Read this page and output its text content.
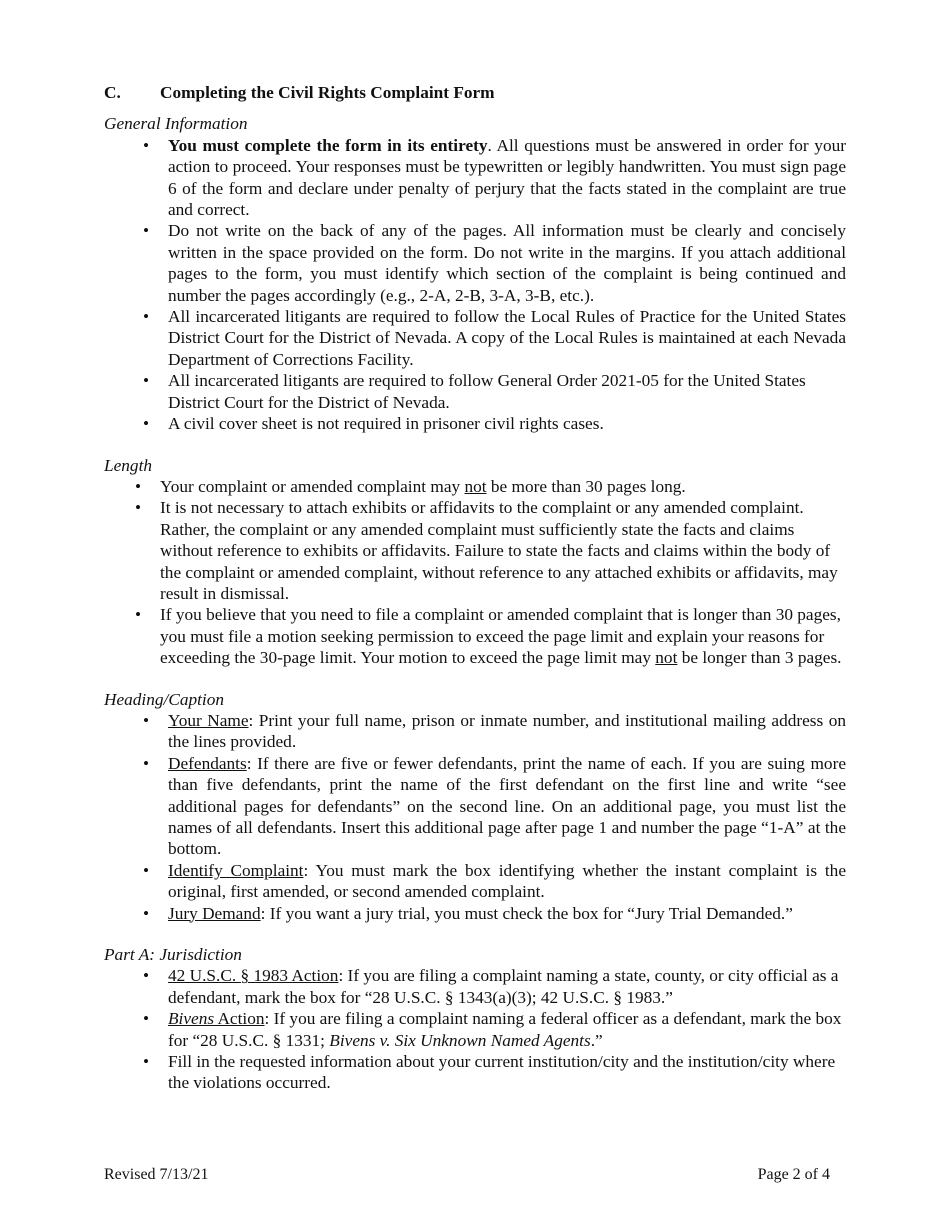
C. Completing the Civil Rights Complaint Form

General Information

• You must complete the form in its entirety. All questions must be answered in order for your action to proceed. Your responses must be typewritten or legibly handwritten. You must sign page 6 of the form and declare under penalty of perjury that the facts stated in the complaint are true and correct.
• Do not write on the back of any of the pages. All information must be clearly and concisely written in the space provided on the form. Do not write in the margins. If you attach additional pages to the form, you must identify which section of the complaint is being continued and number the pages accordingly (e.g., 2-A, 2-B, 3-A, 3-B, etc.).
• All incarcerated litigants are required to follow the Local Rules of Practice for the United States District Court for the District of Nevada. A copy of the Local Rules is maintained at each Nevada Department of Corrections Facility.
• All incarcerated litigants are required to follow General Order 2021-05 for the United States District Court for the District of Nevada.
• A civil cover sheet is not required in prisoner civil rights cases.

Length

• Your complaint or amended complaint may not be more than 30 pages long.
• It is not necessary to attach exhibits or affidavits to the complaint or any amended complaint. Rather, the complaint or any amended complaint must sufficiently state the facts and claims without reference to exhibits or affidavits. Failure to state the facts and claims within the body of the complaint or amended complaint, without reference to any attached exhibits or affidavits, may result in dismissal.
• If you believe that you need to file a complaint or amended complaint that is longer than 30 pages, you must file a motion seeking permission to exceed the page limit and explain your reasons for exceeding the 30-page limit. Your motion to exceed the page limit may not be longer than 3 pages.

Heading/Caption

• Your Name: Print your full name, prison or inmate number, and institutional mailing address on the lines provided.
• Defendants: If there are five or fewer defendants, print the name of each. If you are suing more than five defendants, print the name of the first defendant on the first line and write “see additional pages for defendants” on the second line. On an additional page, you must list the names of all defendants. Insert this additional page after page 1 and number the page “1-A” at the bottom.
• Identify Complaint: You must mark the box identifying whether the instant complaint is the original, first amended, or second amended complaint.
• Jury Demand: If you want a jury trial, you must check the box for “Jury Trial Demanded.”

Part A: Jurisdiction

• 42 U.S.C. § 1983 Action: If you are filing a complaint naming a state, county, or city official as a defendant, mark the box for “28 U.S.C. § 1343(a)(3); 42 U.S.C. § 1983.”
• Bivens Action: If you are filing a complaint naming a federal officer as a defendant, mark the box for “28 U.S.C. § 1331; Bivens v. Six Unknown Named Agents.”
• Fill in the requested information about your current institution/city and the institution/city where the violations occurred.
Revised 7/13/21	Page 2 of 4
